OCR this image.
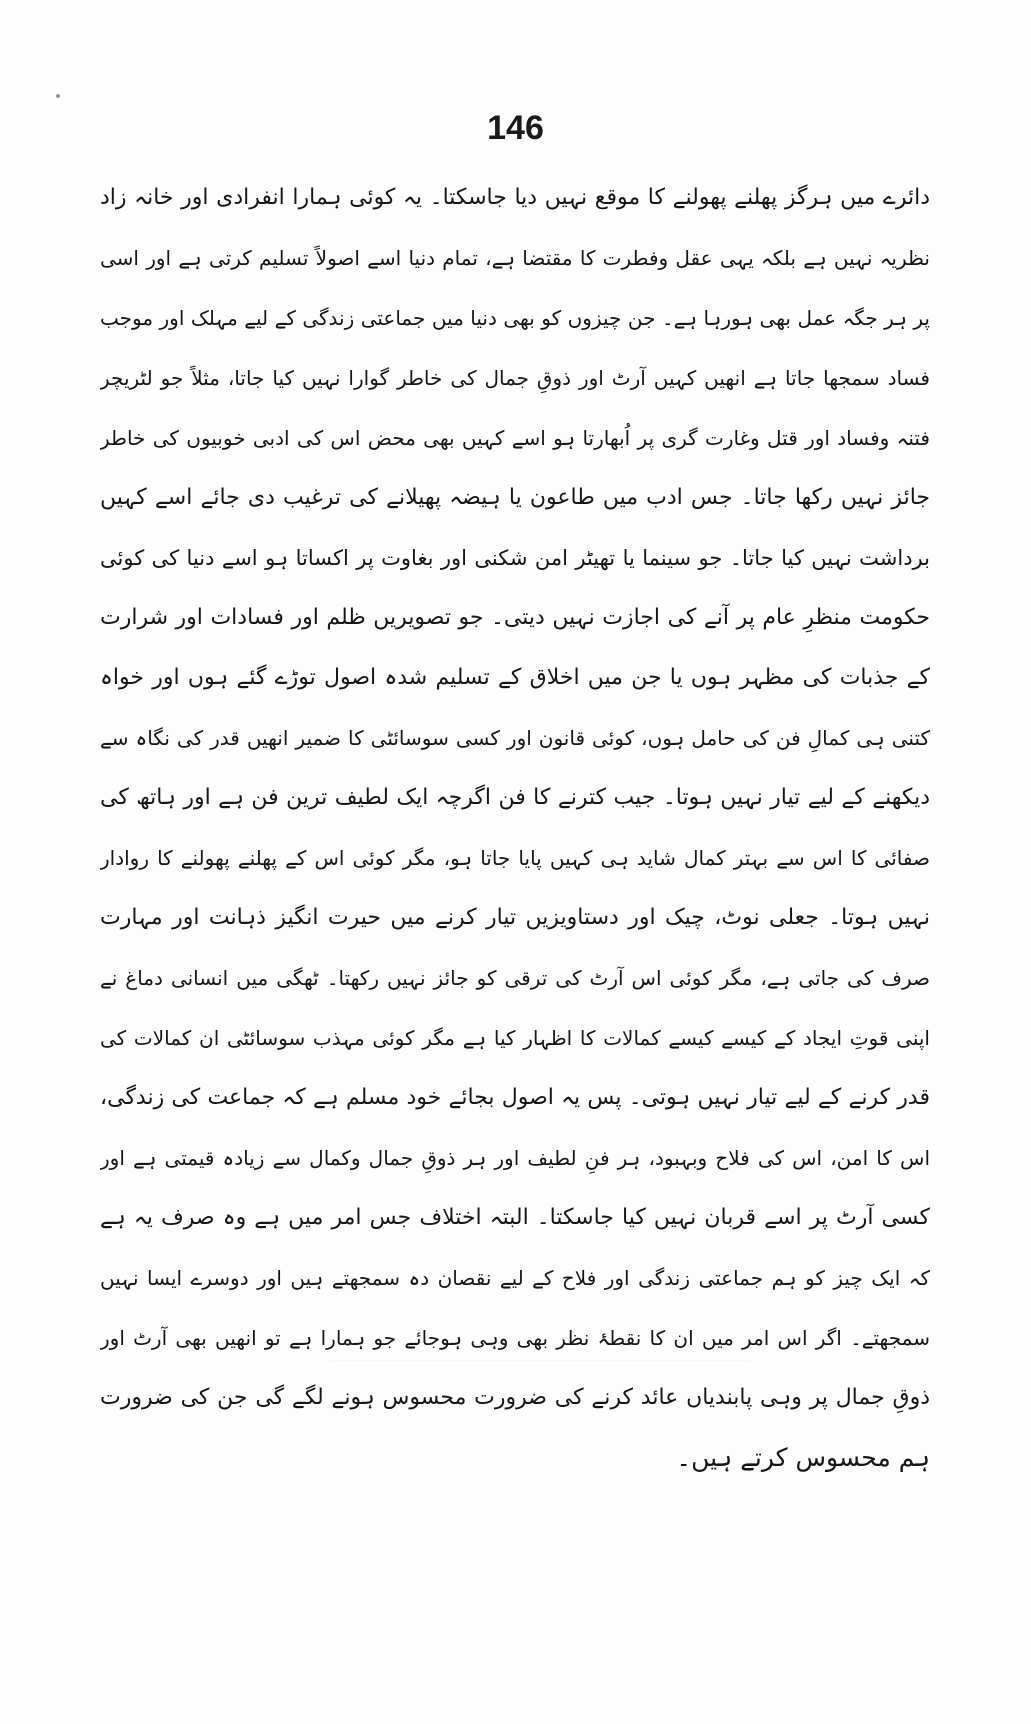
146
دائرے میں ہرگز پھلنے پھولنے کا موقع نہیں دیا جاسکتا۔ یہ کوئی ہمارا انفرادی اور خانہ زاد
نظریہ نہیں ہے بلکہ یہی عقل وفطرت کا مقتضا ہے، تمام دنیا اسے اصولاً تسلیم کرتی ہے اور اسی
پر ہر جگہ عمل بھی ہورہا ہے۔ جن چیزوں کو بھی دنیا میں جماعتی زندگی کے لیے مہلک اور موجب
فساد سمجھا جاتا ہے انھیں کہیں آرٹ اور ذوقِ جمال کی خاطر گوارا نہیں کیا جاتا، مثلاً جو لٹریچر
فتنہ وفساد اور قتل وغارت گری پر اُبھارتا ہو اسے کہیں بھی محض اس کی ادبی خوبیوں کی خاطر
جائز نہیں رکھا جاتا۔ جس ادب میں طاعون یا ہیضہ پھیلانے کی ترغیب دی جائے اسے کہیں
برداشت نہیں کیا جاتا۔ جو سینما یا تھیٹر امن شکنی اور بغاوت پر اکساتا ہو اسے دنیا کی کوئی
حکومت منظرِ عام پر آنے کی اجازت نہیں دیتی۔ جو تصویریں ظلم اور فسادات اور شرارت
کے جذبات کی مظہر ہوں یا جن میں اخلاق کے تسلیم شدہ اصول توڑے گئے ہوں اور خواہ
کتنی ہی کمالِ فن کی حامل ہوں، کوئی قانون اور کسی سوسائٹی کا ضمیر انھیں قدر کی نگاہ سے
دیکھنے کے لیے تیار نہیں ہوتا۔ جیب کترنے کا فن اگرچہ ایک لطیف ترین فن ہے اور ہاتھ کی
صفائی کا اس سے بہتر کمال شاید ہی کہیں پایا جاتا ہو، مگر کوئی اس کے پھلنے پھولنے کا روادار
نہیں ہوتا۔ جعلی نوٹ، چیک اور دستاویزیں تیار کرنے میں حیرت انگیز ذہانت اور مہارت
صرف کی جاتی ہے، مگر کوئی اس آرٹ کی ترقی کو جائز نہیں رکھتا۔ ٹھگی میں انسانی دماغ نے
اپنی قوتِ ایجاد کے کیسے کیسے کمالات کا اظہار کیا ہے مگر کوئی مہذب سوسائٹی ان کمالات کی
قدر کرنے کے لیے تیار نہیں ہوتی۔ پس یہ اصول بجائے خود مسلم ہے کہ جماعت کی زندگی،
اس کا امن، اس کی فلاح وبہبود، ہر فنِ لطیف اور ہر ذوقِ جمال وکمال سے زیادہ قیمتی ہے اور
کسی آرٹ پر اسے قربان نہیں کیا جاسکتا۔ البتہ اختلاف جس امر میں ہے وہ صرف یہ ہے
کہ ایک چیز کو ہم جماعتی زندگی اور فلاح کے لیے نقصان دہ سمجھتے ہیں اور دوسرے ایسا نہیں
سمجھتے۔ اگر اس امر میں ان کا نقطۂ نظر بھی وہی ہوجائے جو ہمارا ہے تو انھیں بھی آرٹ اور
ذوقِ جمال پر وہی پابندیاں عائد کرنے کی ضرورت محسوس ہونے لگے گی جن کی ضرورت
ہم محسوس کرتے ہیں۔
